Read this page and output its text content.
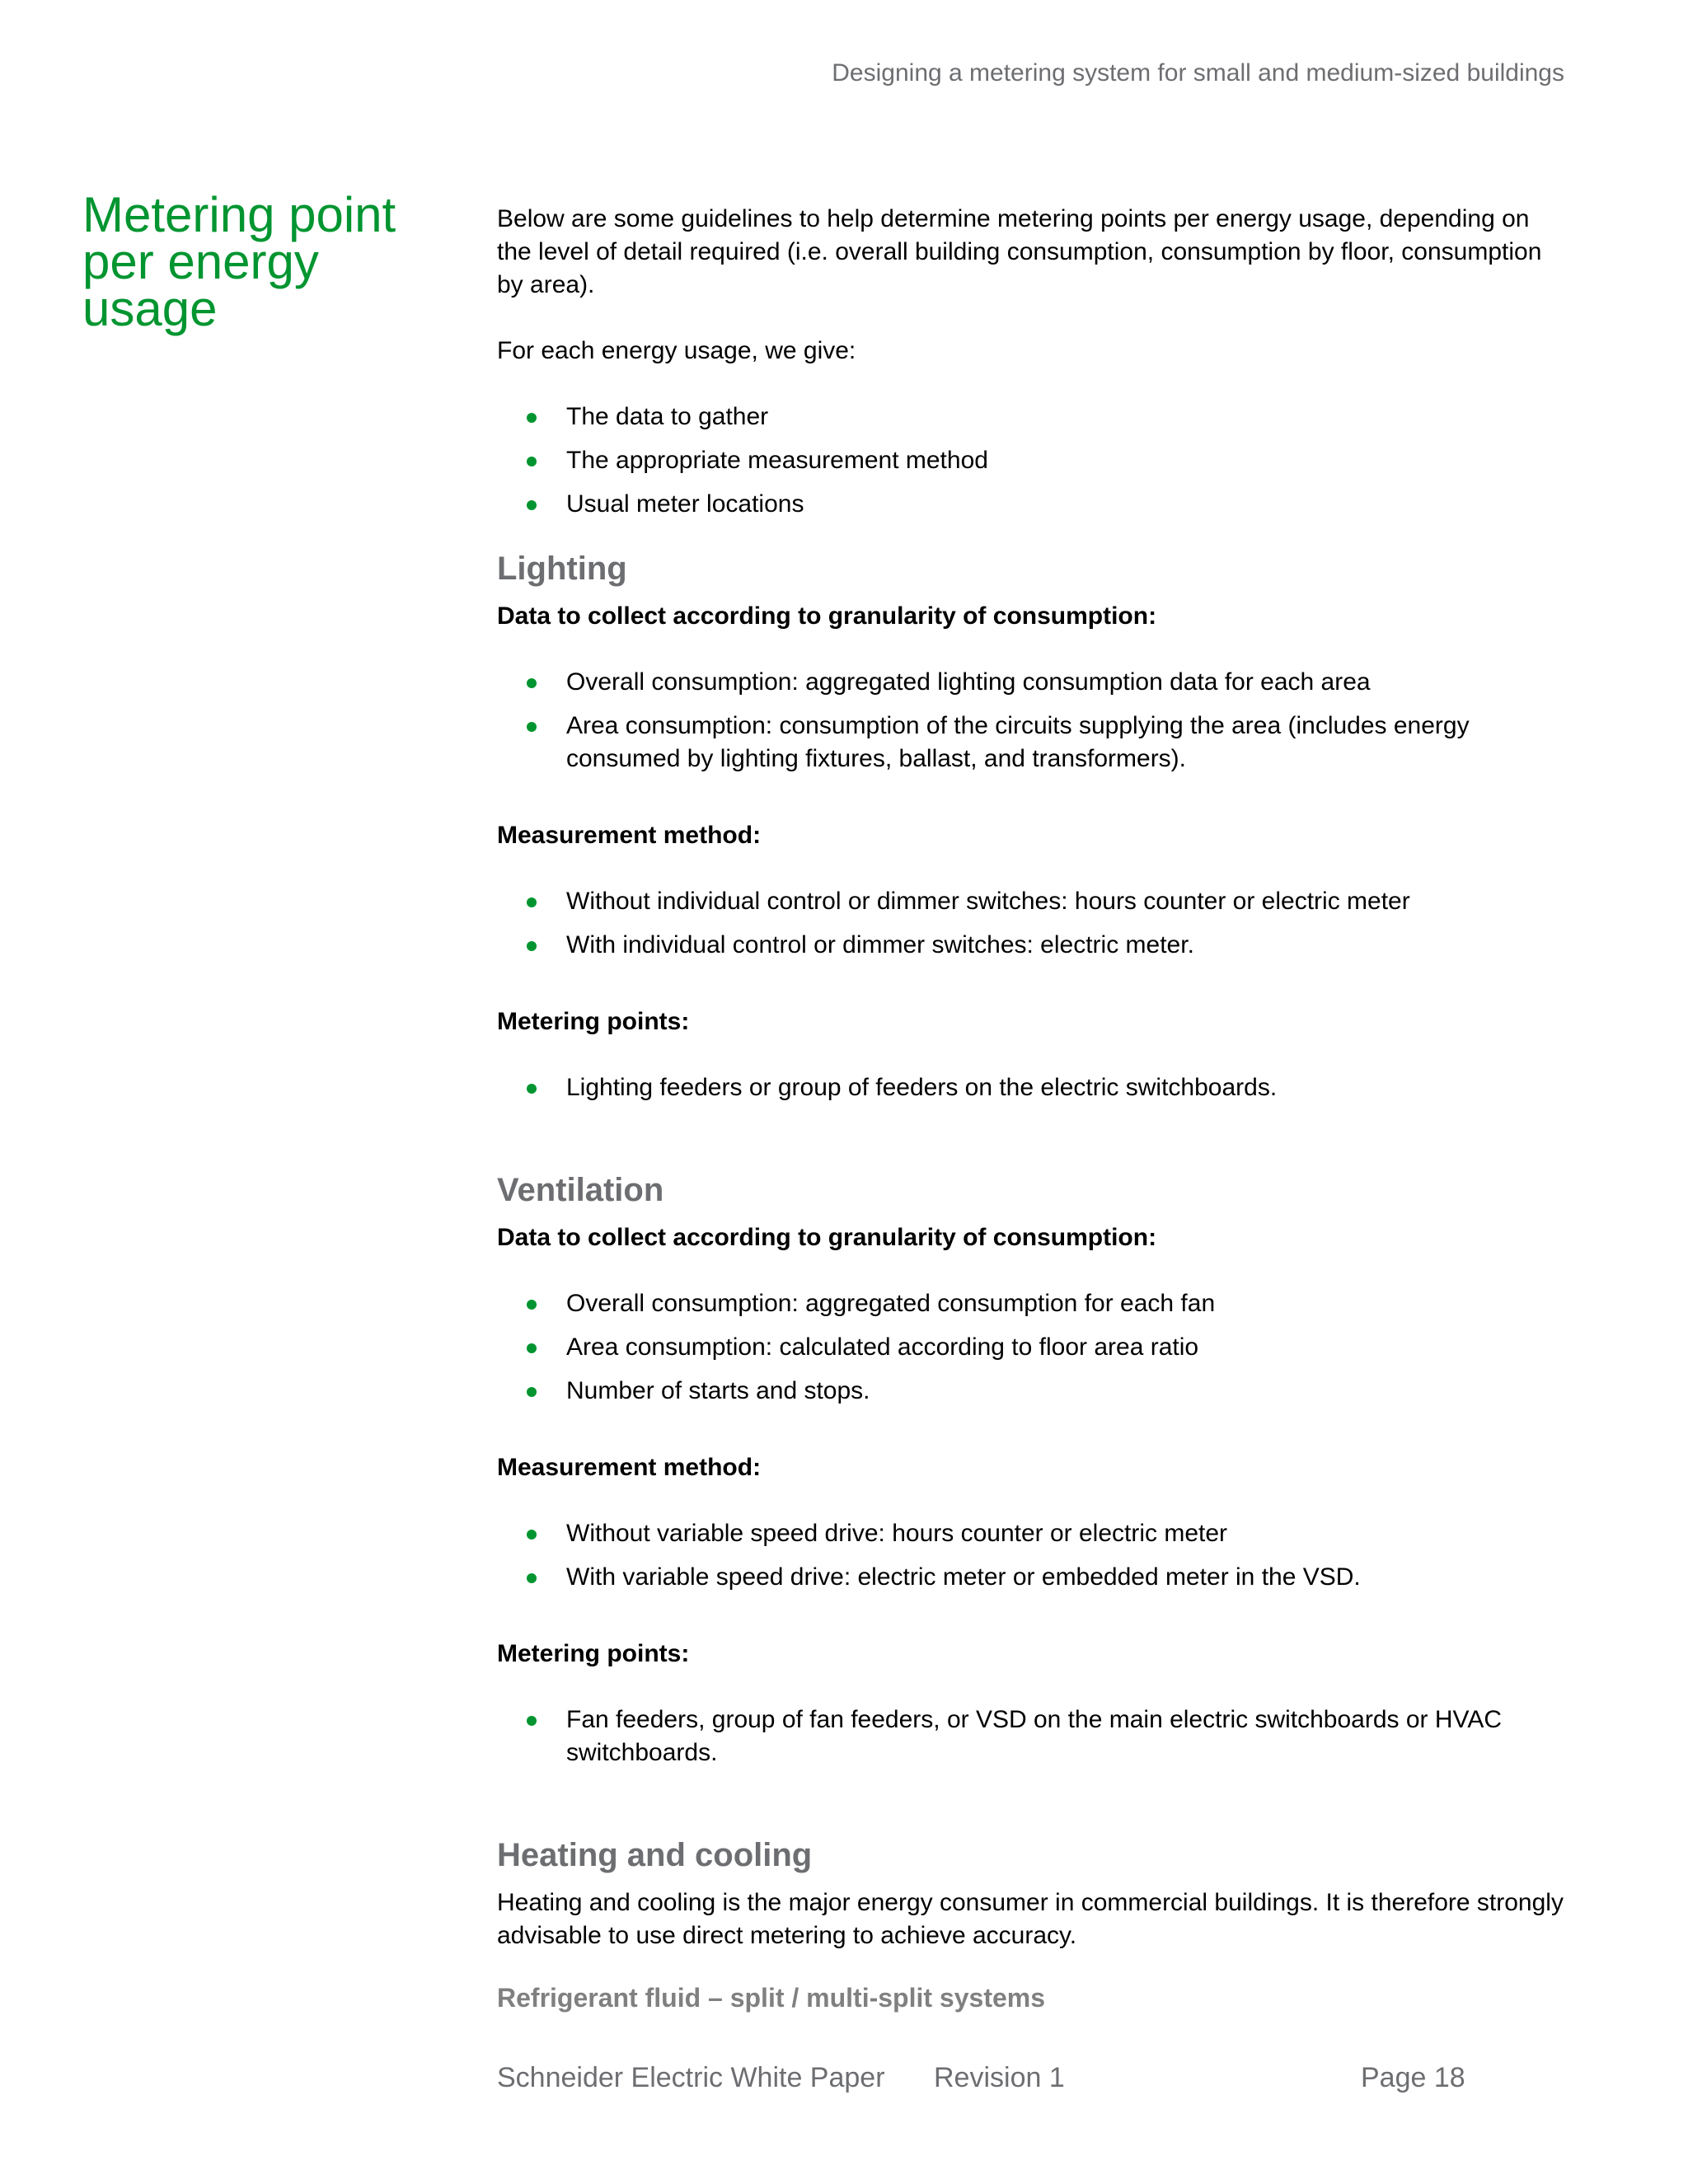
Designing a metering system for small and medium-sized buildings
Metering point per energy usage

Below are some guidelines to help determine metering points per energy usage, depending on the level of detail required (i.e. overall building consumption, consumption by floor, consumption by area).

For each energy usage, we give:

The data to gather
The appropriate measurement method
Usual meter locations
Lighting

Data to collect according to granularity of consumption:

Overall consumption: aggregated lighting consumption data for each area
Area consumption: consumption of the circuits supplying the area (includes energy consumed by lighting fixtures, ballast, and transformers).

Measurement method:

Without individual control or dimmer switches: hours counter or electric meter
With individual control or dimmer switches: electric meter.

Metering points:

Lighting feeders or group of feeders on the electric switchboards.
Ventilation

Data to collect according to granularity of consumption:

Overall consumption: aggregated consumption for each fan
Area consumption: calculated according to floor area ratio
Number of starts and stops.

Measurement method:

Without variable speed drive: hours counter or electric meter
With variable speed drive: electric meter or embedded meter in the VSD.

Metering points:

Fan feeders, group of fan feeders, or VSD on the main electric switchboards or HVAC switchboards.
Heating and cooling

Heating and cooling is the major energy consumer in commercial buildings. It is therefore strongly advisable to use direct metering to achieve accuracy.

Refrigerant fluid – split / multi-split systems

Schneider Electric White Paper Revision 1	Page 18
